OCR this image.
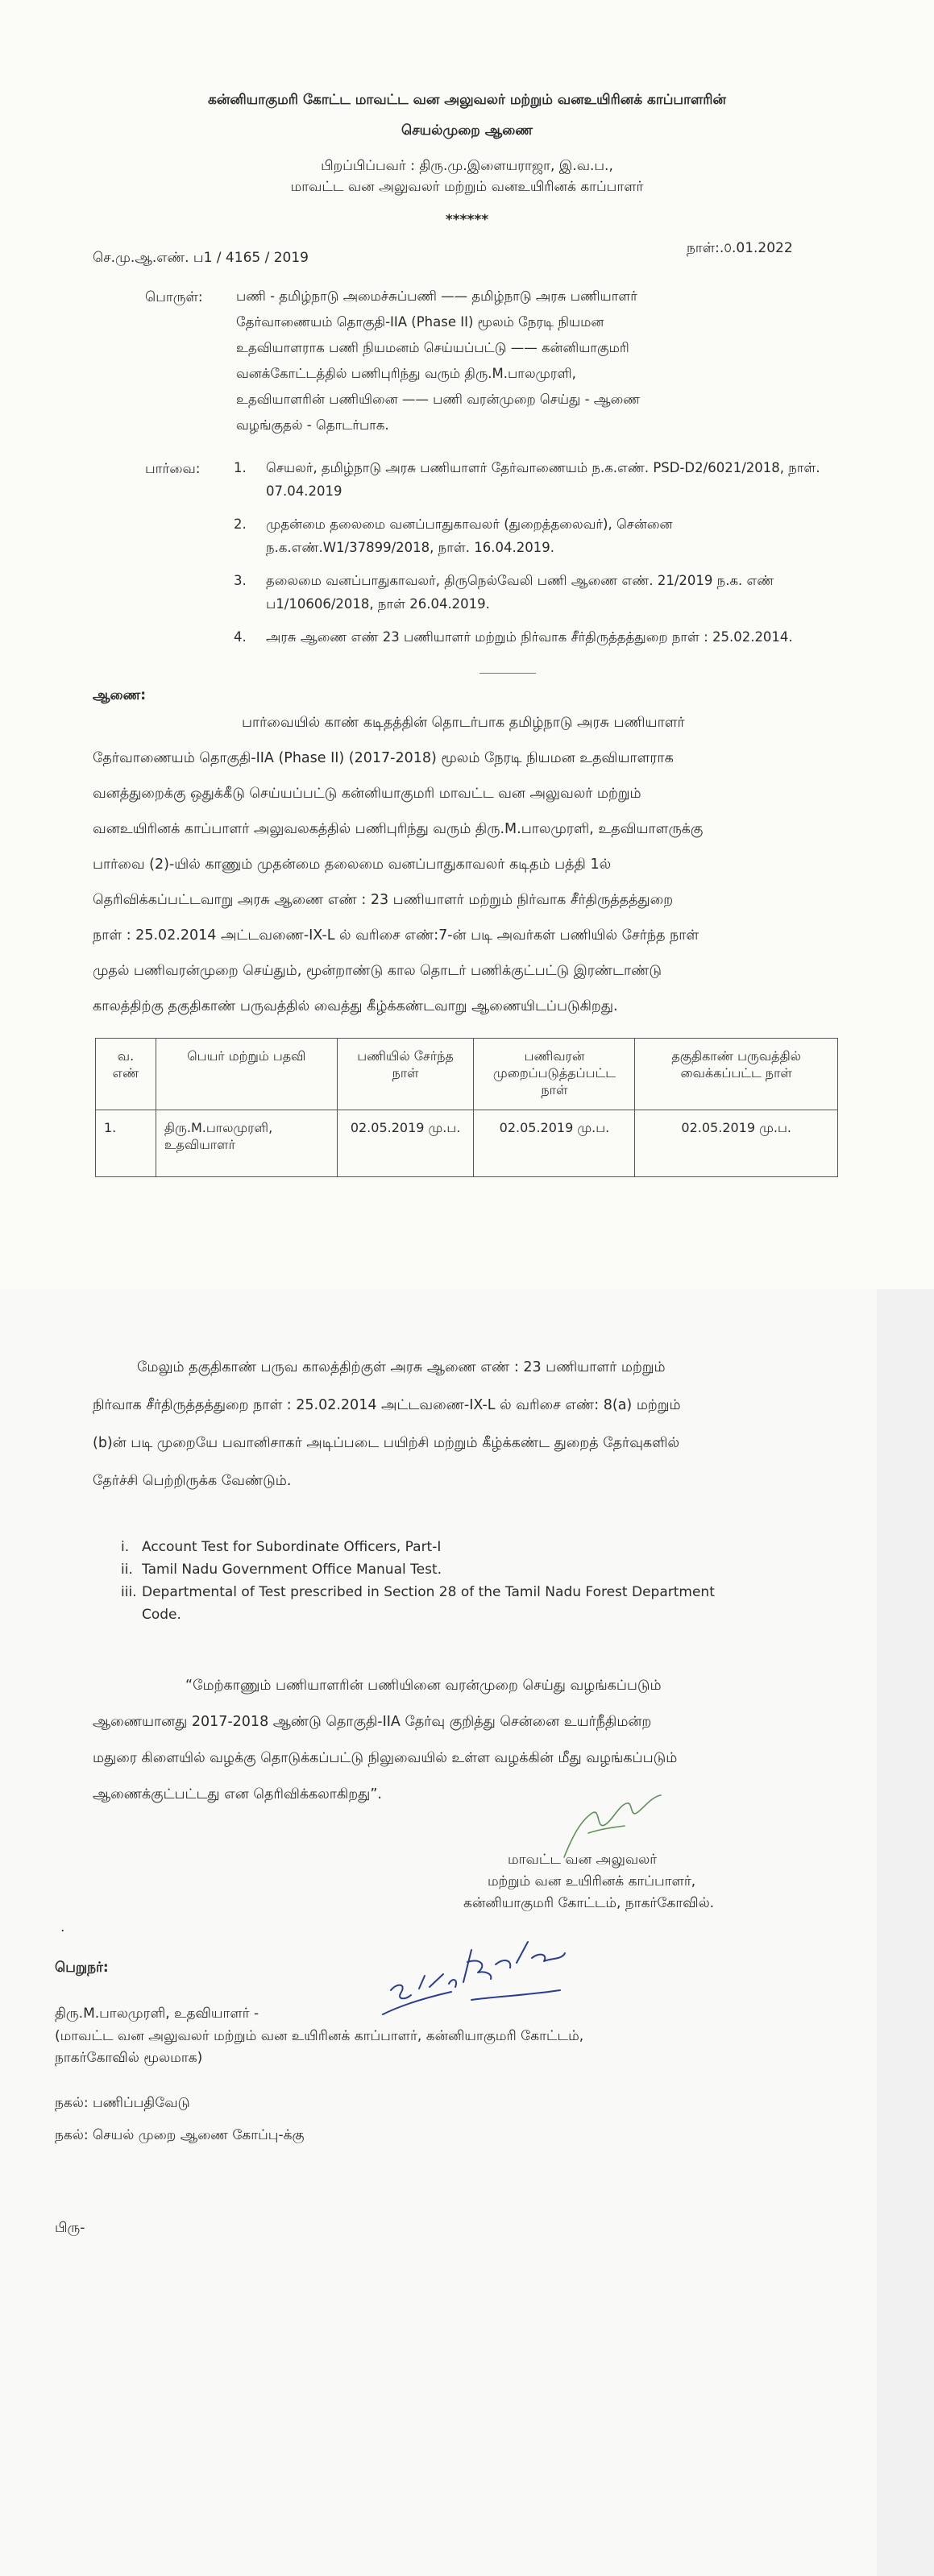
கன்னியாகுமரி கோட்ட மாவட்ட வன அலுவலர் மற்றும் வனஉயிரினக் காப்பாளரின்
செயல்முறை ஆணை
பிறப்பிப்பவர் : திரு.மு.இளையராஜா, இ.வ.ப.,
மாவட்ட வன அலுவலர் மற்றும் வனஉயிரினக் காப்பாளர்
******
செ.மு.ஆ.எண். ப1 / 4165 / 2019
நாள்:.௦.01.2022
பொருள்:	பணி - தமிழ்நாடு அமைச்சுப்பணி —— தமிழ்நாடு அரசு பணியாளர்
தேர்வாணையம் தொகுதி-IIA (Phase II) மூலம் நேரடி நியமன
உதவியாளராக பணி நியமனம் செய்யப்பட்டு —— கன்னியாகுமரி
வனக்கோட்டத்தில் பணிபுரிந்து வரும் திரு.M.பாலமுரளி,
உதவியாளரின் பணியினை —— பணி வரன்முறை செய்து - ஆணை
வழங்குதல் - தொடர்பாக.
பார்வை:	1. செயலர், தமிழ்நாடு அரசு பணியாளர் தேர்வாணையம் ந.க.எண். PSD-D2/6021/2018, நாள். 07.04.2019
2. முதன்மை தலைமை வனப்பாதுகாவலர் (துறைத்தலைவர்), சென்னை ந.க.எண்.W1/37899/2018, நாள். 16.04.2019.
3. தலைமை வனப்பாதுகாவலர், திருநெல்வேலி பணி ஆணை எண். 21/2019 ந.க. எண் ப1/10606/2018, நாள் 26.04.2019.
4. அரசு ஆணை எண் 23 பணியாளர் மற்றும் நிர்வாக சீர்திருத்தத்துறை நாள் : 25.02.2014.
ஆணை:

பார்வையில் காண் கடிதத்தின் தொடர்பாக தமிழ்நாடு அரசு பணியாளர்

தேர்வாணையம் தொகுதி-IIA (Phase II) (2017-2018) மூலம் நேரடி நியமன உதவியாளராக

வனத்துறைக்கு ஒதுக்கீடு செய்யப்பட்டு கன்னியாகுமரி மாவட்ட வன அலுவலர் மற்றும்

வனஉயிரினக் காப்பாளர் அலுவலகத்தில் பணிபுரிந்து வரும் திரு.M.பாலமுரளி, உதவியாளருக்கு

பார்வை (2)-யில் காணும் முதன்மை தலைமை வனப்பாதுகாவலர் கடிதம் பத்தி 1ல்

தெரிவிக்கப்பட்டவாறு அரசு ஆணை எண் : 23 பணியாளர் மற்றும் நிர்வாக சீர்திருத்தத்துறை

நாள் : 25.02.2014 அட்டவணை-IX-L ல் வரிசை எண்:7-ன் படி அவர்கள் பணியில் சேர்ந்த நாள்

முதல் பணிவரன்முறை செய்தும், மூன்றாண்டு கால தொடர் பணிக்குட்பட்டு இரண்டாண்டு

காலத்திற்கு தகுதிகாண் பருவத்தில் வைத்து கீழ்க்கண்டவாறு ஆணையிடப்படுகிறது.

வ. எண்	பெயர் மற்றும் பதவி	பணியில் சேர்ந்த நாள்	பணிவரன் முறைப்படுத்தப்பட்ட நாள்	தகுதிகாண் பருவத்தில் வைக்கப்பட்ட நாள்
1.	திரு.M.பாலமுரளி, உதவியாளர்	02.05.2019 மு.ப.	02.05.2019 மு.ப.	02.05.2019 மு.ப.

மேலும் தகுதிகாண் பருவ காலத்திற்குள் அரசு ஆணை எண் : 23 பணியாளர் மற்றும்

நிர்வாக சீர்திருத்தத்துறை நாள் : 25.02.2014 அட்டவணை-IX-L ல் வரிசை எண்: 8(a) மற்றும்

(b)ன் படி முறையே பவானிசாகர் அடிப்படை பயிற்சி மற்றும் கீழ்க்கண்ட துறைத் தேர்வுகளில்

தேர்ச்சி பெற்றிருக்க வேண்டும்.

i. Account Test for Subordinate Officers, Part-I
ii. Tamil Nadu Government Office Manual Test.
iii. Departmental of Test prescribed in Section 28 of the Tamil Nadu Forest Department
Code.

“மேற்காணும் பணியாளரின் பணியினை வரன்முறை செய்து வழங்கப்படும்

ஆணையானது 2017-2018 ஆண்டு தொகுதி-IIA தேர்வு குறித்து சென்னை உயர்நீதிமன்ற

மதுரை கிளையில் வழக்கு தொடுக்கப்பட்டு நிலுவையில் உள்ள வழக்கின் மீது வழங்கப்படும்

ஆணைக்குட்பட்டது என தெரிவிக்கலாகிறது”.

மாவட்ட வன அலுவலர்
மற்றும் வன உயிரினக் காப்பாளர்,
கன்னியாகுமரி கோட்டம், நாகர்கோவில்.
.
பெறுநர்:
திரு.M.பாலமுரளி, உதவியாளர் -
(மாவட்ட வன அலுவலர் மற்றும் வன உயிரினக் காப்பாளர், கன்னியாகுமரி கோட்டம்,
நாகர்கோவில் மூலமாக)
நகல்: பணிப்பதிவேடு
நகல்: செயல் முறை ஆணை கோப்பு-க்கு
பிரு-
